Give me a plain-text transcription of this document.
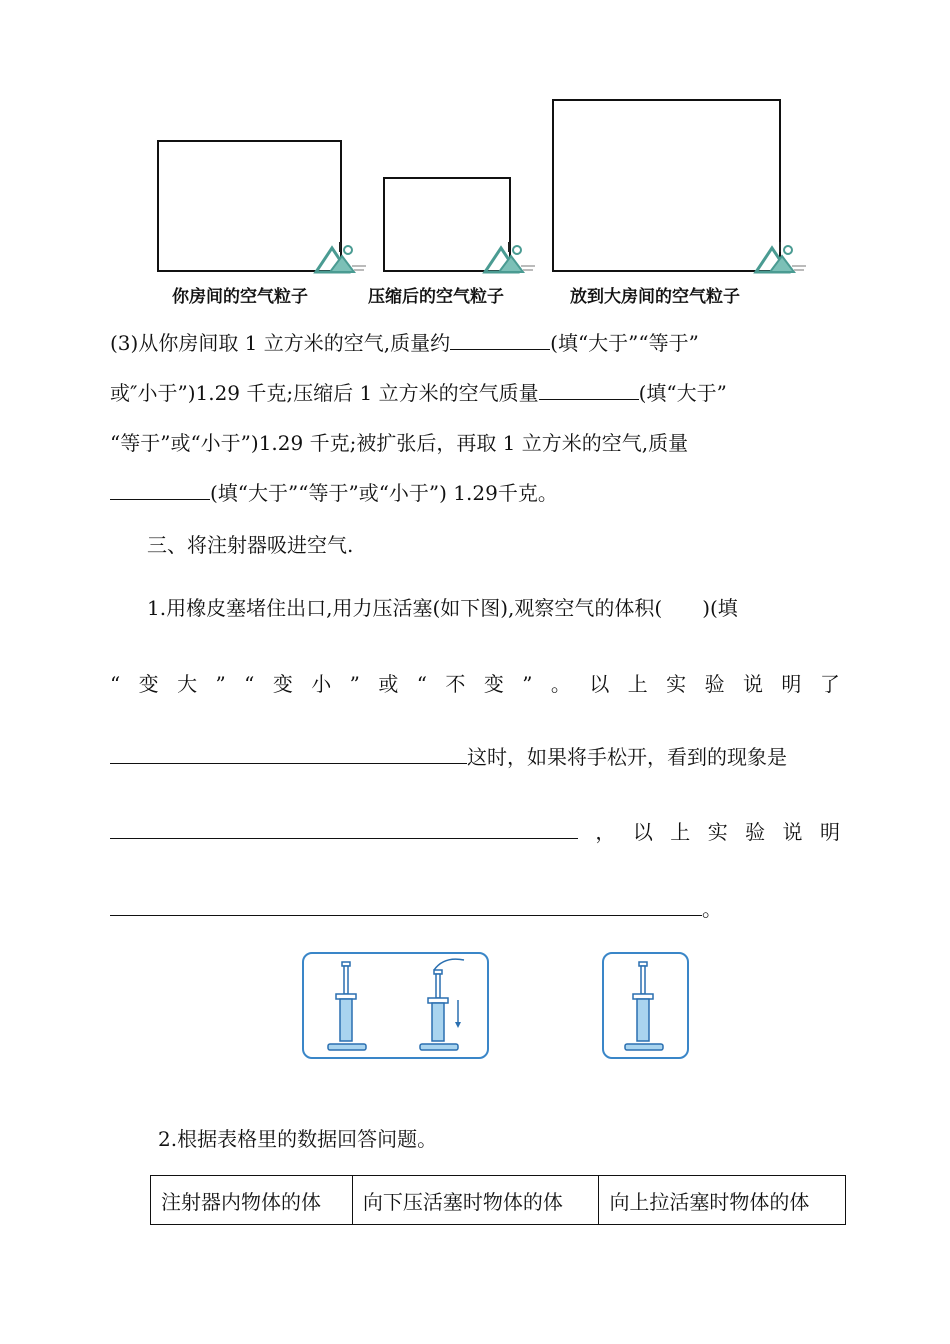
你房间的空气粒子	压缩后的空气粒子	放到大房间的空气粒子
(3)从你房间取 1 立方米的空气,质量约	(填“大于”“等于”
或″小于”)1.29 千克;压缩后 1 立方米的空气质量	(填“大于”
“等于”或“小于”)1.29 千克;被扩张后，再取 1 立方米的空气,质量
(填“大于”“等于”或“小于”) 1.29千克。
三、将注射器吸进空气.
1.用橡皮塞堵住出口,用力压活塞(如下图),观察空气的体积(　　)(填
“ 变 大 ” “ 变 小 ” 或 “ 不 变 ” 。 以 上 实 验 说 明 了
这时，如果将手松开，看到的现象是
， 以 上 实 验 说 明
。
2.根据表格里的数据回答问题。
注射器内物体的体	向下压活塞时物体的体	向上拉活塞时物体的体
